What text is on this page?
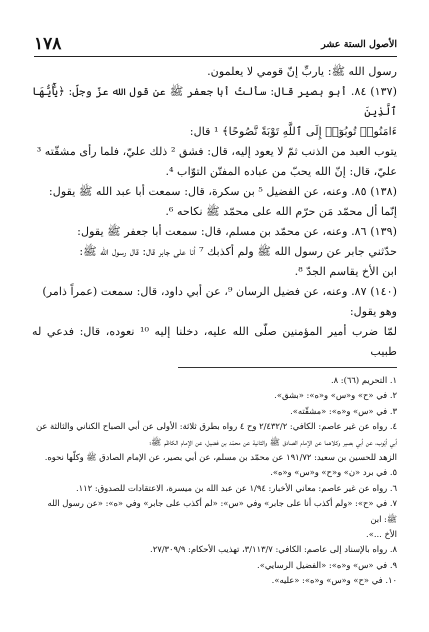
الأصول الستة عشر
١٧٨

رسول الله ﷺ: ياربِّ إنّ قومي لا يعلمون.

(١٣٧) ٨٤. أبو بصير قال: سألتُ أبا جعفر ﷺ عن قول الله عزّ وجلّ: ﴿يَٰٓأَيُّهَا ٱلَّذِينَ

ءَامَنُوا۟ تُوبُوٓا۟ إِلَى ٱللَّهِ تَوْبَةً نَّصُوحًا﴾ ¹ قال:

يتوب العبد من الذنب ثمّ لا يعود إليه، قال: فشق ² ذلك عليّ، فلما رأى مشقّته ³

عليّ، قال: إنّ الله يحبّ من عباده المفتّن التوّاب ⁴.

(١٣٨) ٨٥. وعنه، عن الفضيل ⁵ بن سكرة، قال: سمعت أبا عبد الله ﷺ يقول:

إنّما أل محمّد مَن حرّم الله على محمّد ﷺ نكاحه ⁶.

(١٣٩) ٨٦. وعنه، عن محمّد بن مسلم، قال: سمعت أبا جعفر ﷺ يقول:

حدّثني جابر عن رسول الله ﷺ ولم أكذبك ⁷ أنا على جابر قال: قال رسول الله ﷺ:

ابن الأخ يقاسم الجدّ ⁸.

(١٤٠) ٨٧. وعنه، عن فضيل الرسان ⁹، عن أبي داود، قال: سمعت (عمراً ذامر)

وهو يقول:

لمّا ضرب أمير المؤمنين صلّى الله عليه، دخلنا إليه ¹⁰ نعوده، قال: فدعي له طبيب

١. التحريم (٦٦): ٨.

٢. في «ح» و«س» و«ه»: «بشق».

٣. في «س» و«ه»: «مشقّته».

٤. رواه عن غير عاصم: الكافي: ٢/٤٣٢/٢ وح ٤ رواه بطرق ثلاثة: الأولى عن أبي الصباح الكناني والثالثة عن

أبي أيّوب، عن أبي بصير وكلاهما عن الإمام الصادق ﷺ والثانية عن محمّد بن فضيل، عن الإمام الكاظم ﷺ؛

الزهد للحسين بن سعيد: ١٩١/٧٢ عن محمّد بن مسلم، عن أبي بصير، عن الإمام الصادق ﷺ وكلّها نحوه.

٥. في برد «ن» و«ح» و«س» و«ه».

٦. رواه عن غير عاصم: معاني الأخبار: ١/٩٤ عن عبد الله بن ميسرة، الاعتقادات للصدوق: ١١٢.

٧. في «ح»: «ولم أكذب أنا على جابر» وفي «س»: «لم أكذب على جابر» وفي «ه»: «عن رسول الله ﷺ: ابن

الأخ ...».

٨. رواه بالإسناد إلى عاصم: الكافي: ٣/١١٣/٧، تهذيب الأحكام: ٢٧/٣٠٩/٩.

٩. في «س» و«ه»: «الفضيل الرسايي».

١٠. في «ح» و«س» و«ه»: «عليه».
